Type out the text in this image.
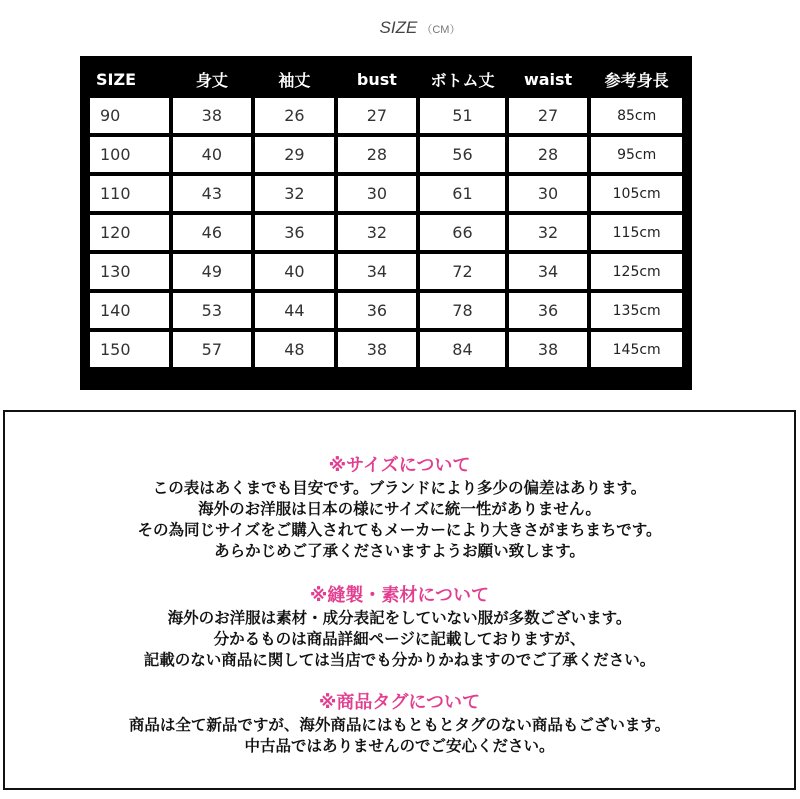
SIZE （CM）
SIZE	身丈	袖丈	bust	ボトム丈	waist	参考身長
90	38	26	27	51	27	85cm
100	40	29	28	56	28	95cm
110	43	32	30	61	30	105cm
120	46	36	32	66	32	115cm
130	49	40	34	72	34	125cm
140	53	44	36	78	36	135cm
150	57	48	38	84	38	145cm

※サイズについて

この表はあくまでも目安です。ブランドにより多少の偏差はあります。

海外のお洋服は日本の様にサイズに統一性がありません。

その為同じサイズをご購入されてもメーカーにより大きさがまちまちです。

あらかじめご了承くださいますようお願い致します。

※縫製・素材について

海外のお洋服は素材・成分表記をしていない服が多数ございます。

分かるものは商品詳細ページに記載しておりますが、

記載のない商品に関しては当店でも分かりかねますのでご了承ください。

※商品タグについて

商品は全て新品ですが、海外商品にはもともとタグのない商品もございます。

中古品ではありませんのでご安心ください。
